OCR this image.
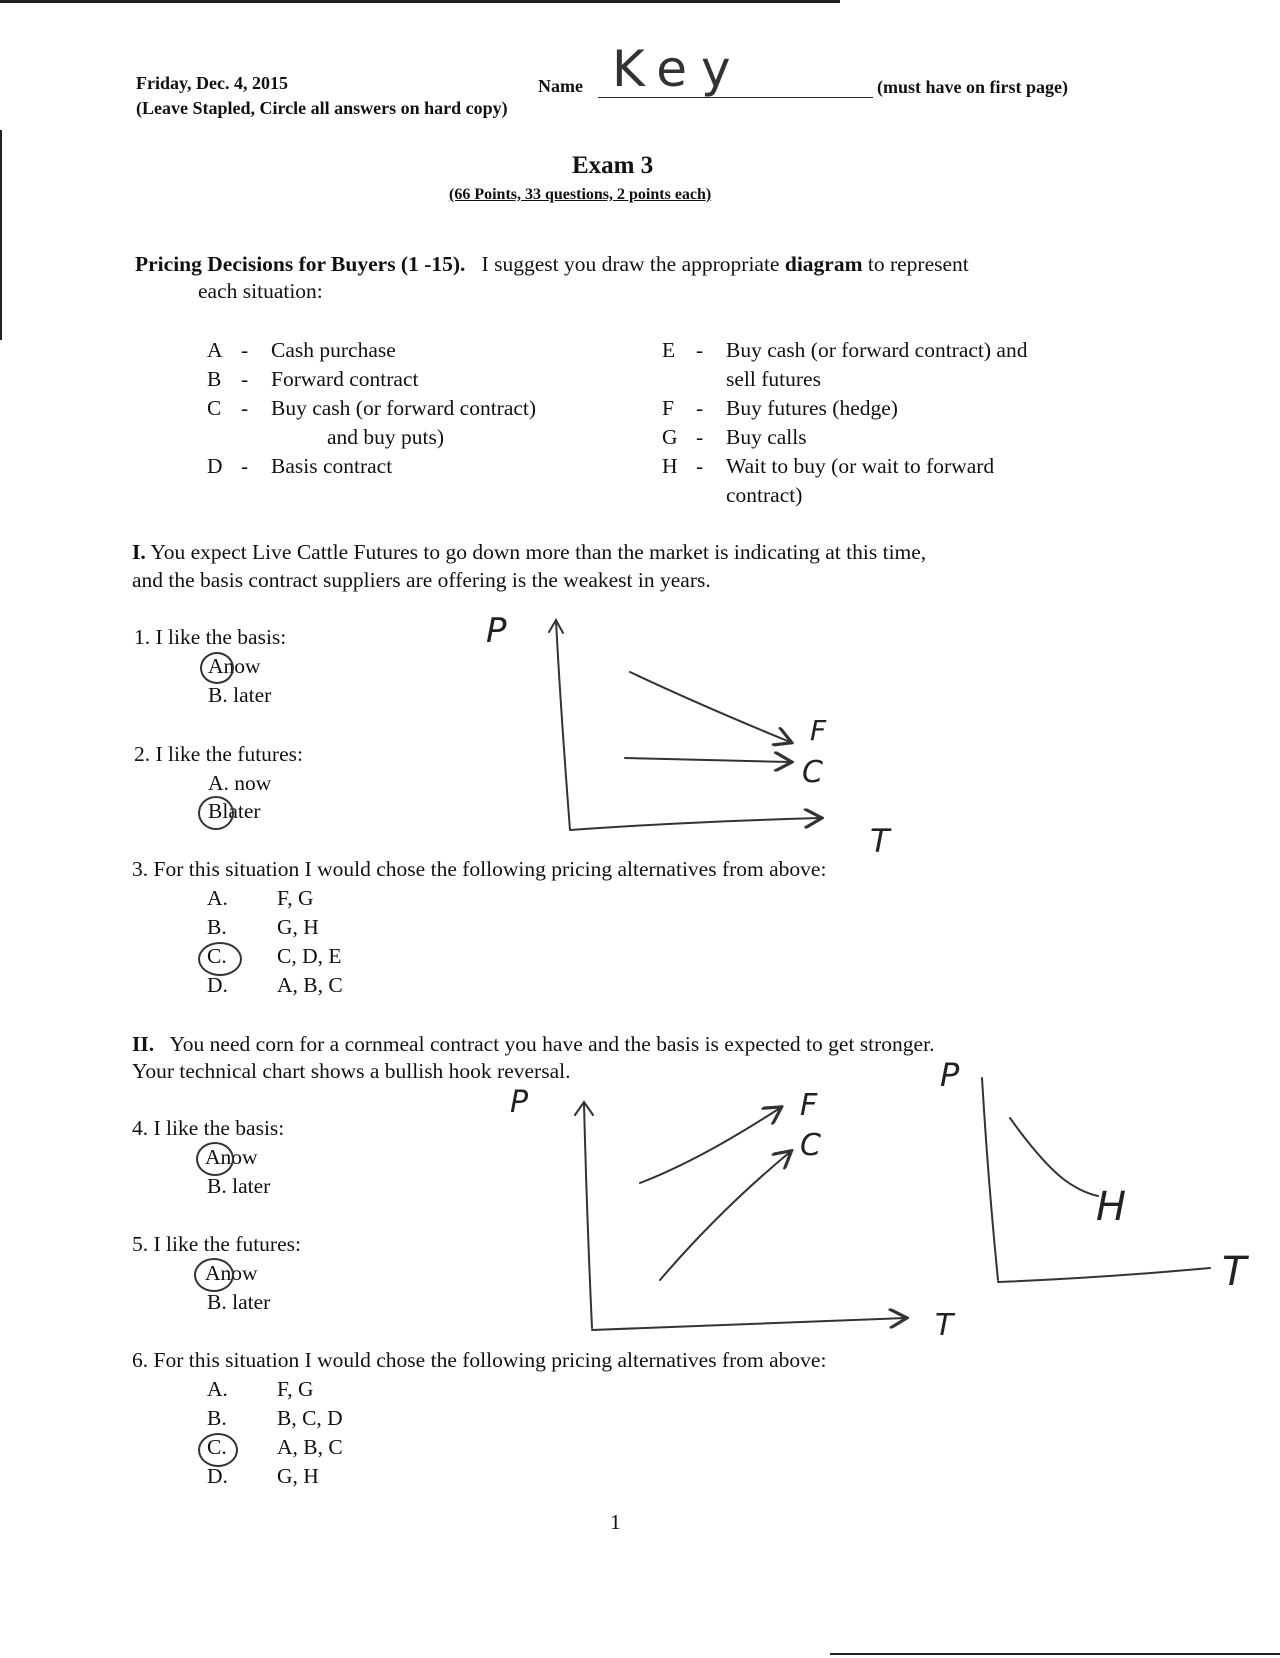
Friday, Dec. 4, 2015
(Leave Stapled, Circle all answers on hard copy)
Name Key	(must have on first page)
Exam 3
(66 Points, 33 questions, 2 points each)
Pricing Decisions for Buyers (1 -15). I suggest you draw the appropriate diagram to represent
each situation:
A - Cash purchase
B - Forward contract
C - Buy cash (or forward contract)
and buy puts)
D - Basis contract
E - Buy cash (or forward contract) and
sell futures
F - Buy futures (hedge)
G - Buy calls
H - Wait to buy (or wait to forward
contract)
I. You expect Live Cattle Futures to go down more than the market is indicating at this time,
and the basis contract suppliers are offering is the weakest in years.
1. I like the basis:
Anow
B. later
2. I like the futures:
A. now
Blater
3. For this situation I would chose the following pricing alternatives from above:
A. F, G
B. G, H
C. C, D, E
D. A, B, C
II. You need corn for a cornmeal contract you have and the basis is expected to get stronger.
Your technical chart shows a bullish hook reversal.
4. I like the basis:
Anow
B. later
5. I like the futures:
Anow
B. later
6. For this situation I would chose the following pricing alternatives from above:
A. F, G
B. B, C, D
C. A, B, C
D. G, H
1
P
F
C
T
P	F
C
T
P
H
T
